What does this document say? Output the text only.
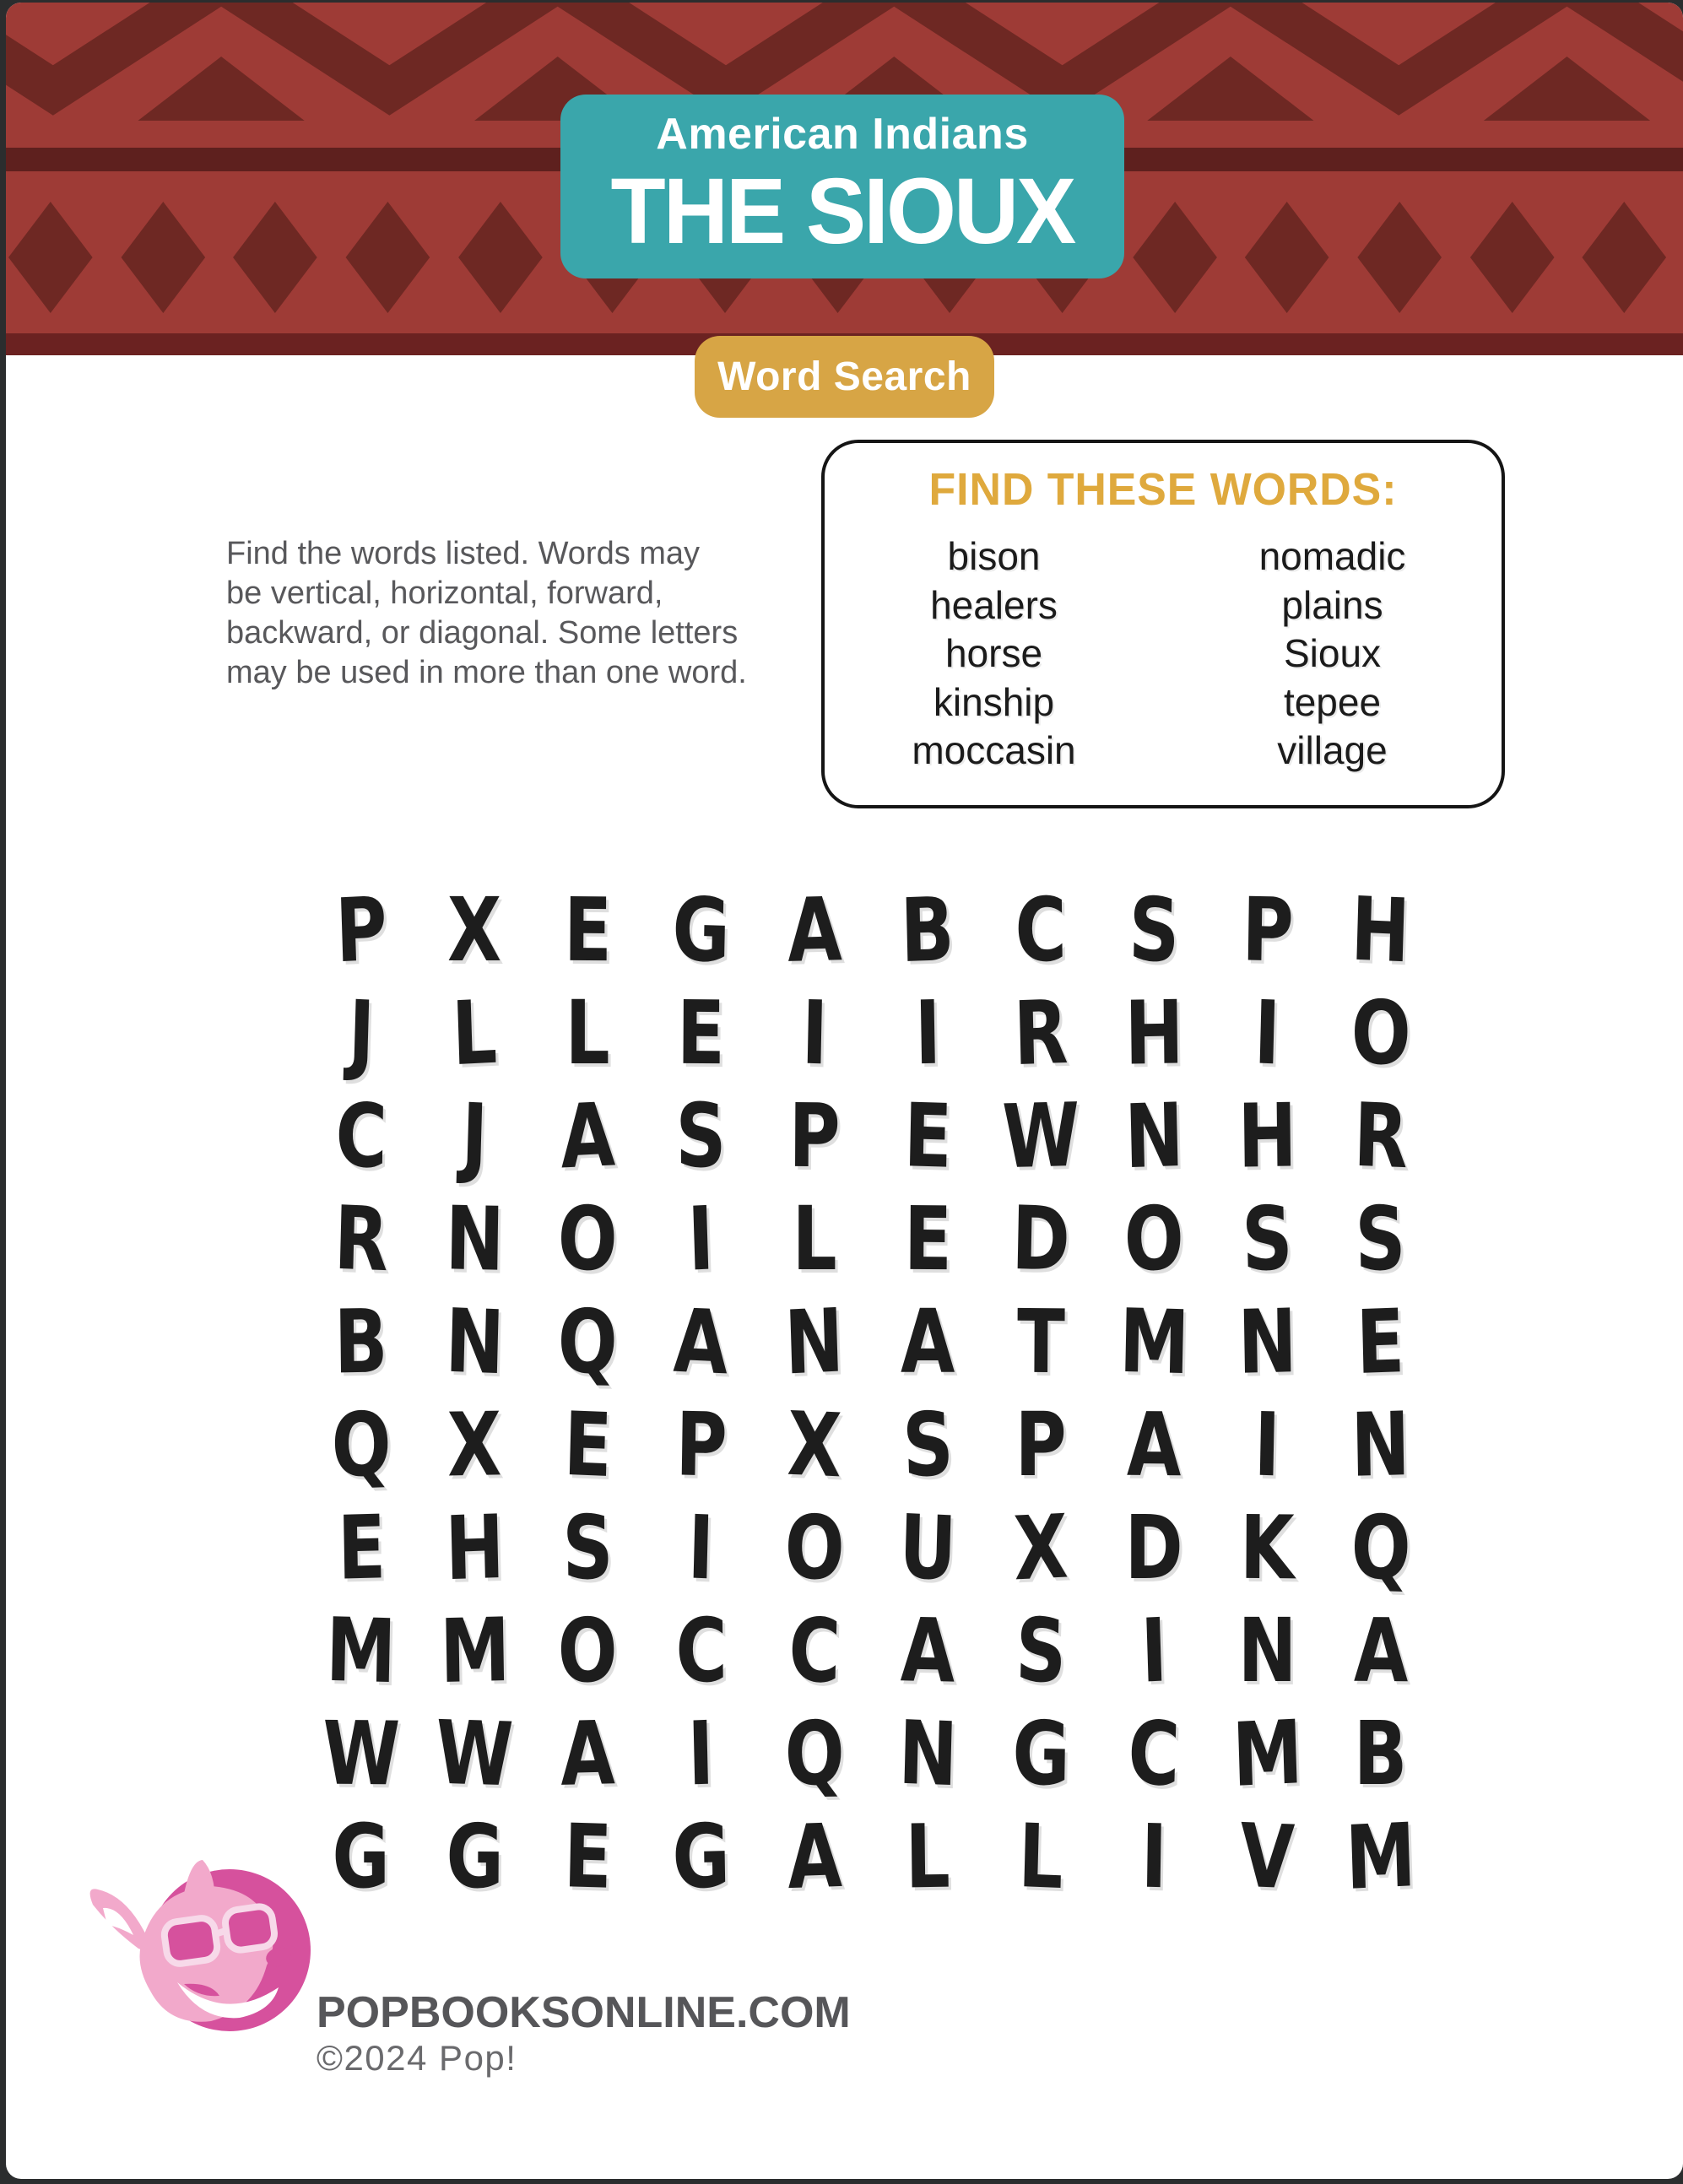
American Indians
THE SIOUX
Word Search
Find the words listed. Words may
be vertical, horizontal, forward,
backward, or diagonal. Some letters
may be used in more than one word.
FIND THESE WORDS:
bison
healers
horse
kinship
moccasin
nomadic
plains
Sioux
tepee
village
P X E G A B C S P H
J L L E I I R H I O
C J A S P E W N H R
R N O I L E D O S S
B N Q A N A T M N E
Q X E P X S P A I N
E H S I O U X D K Q
M M O C C A S I N A
W W A I Q N G C M B
G G E G A L L I V M
POPBOOKSONLINE.COM
©2024 Pop!
